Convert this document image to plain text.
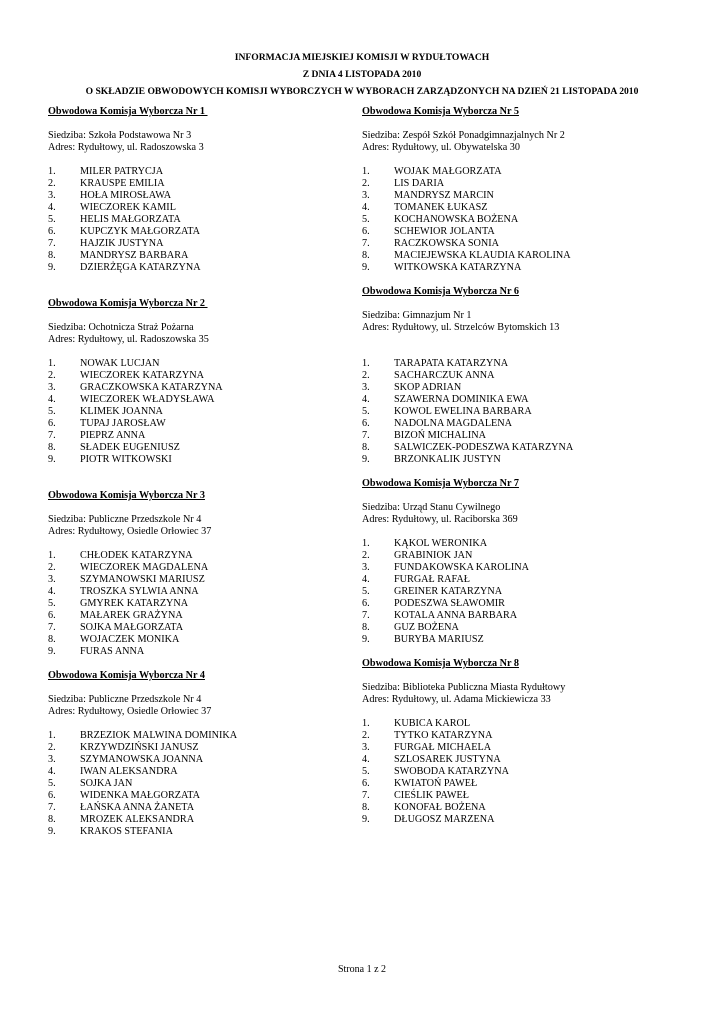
INFORMACJA MIEJSKIEJ KOMISJI W RYDUŁTOWACH
Z DNIA 4 LISTOPADA 2010
O SKŁADZIE OBWODOWYCH KOMISJI WYBORCZYCH W WYBORACH ZARZĄDZONYCH NA DZIEŃ 21 LISTOPADA 2010
Obwodowa Komisja Wyborcza Nr 1
Siedziba: Szkoła Podstawowa Nr 3
Adres: Rydułtowy, ul. Radoszowska 3
1.	MILER PATRYCJA
2.	KRAUSPE EMILIA
3.	HOŁA MIROSŁAWA
4.	WIECZOREK KAMIL
5.	HELIS MAŁGORZATA
6.	KUPCZYK MAŁGORZATA
7.	HAJZIK JUSTYNA
8.	MANDRYSZ BARBARA
9.	DZIERŻĘGA KATARZYNA
Obwodowa Komisja Wyborcza Nr 2
Siedziba: Ochotnicza Straż Pożarna
Adres: Rydułtowy, ul. Radoszowska 35
1.	NOWAK LUCJAN
2.	WIECZOREK KATARZYNA
3.	GRACZKOWSKA KATARZYNA
4.	WIECZOREK WŁADYSŁAWA
5.	KLIMEK JOANNA
6.	TUPAJ JAROSŁAW
7.	PIEPRZ ANNA
8.	SŁADEK EUGENIUSZ
9.	PIOTR WITKOWSKI
Obwodowa Komisja Wyborcza Nr 3
Siedziba: Publiczne Przedszkole Nr 4
Adres: Rydułtowy, Osiedle Orłowiec 37
1.	CHŁODEK KATARZYNA
2.	WIECZOREK MAGDALENA
3.	SZYMANOWSKI MARIUSZ
4.	TROSZKA SYLWIA ANNA
5.	GMYREK KATARZYNA
6.	MAŁAREK GRAŻYNA
7.	SOJKA MAŁGORZATA
8.	WOJACZEK MONIKA
9.	FURAS ANNA
Obwodowa Komisja Wyborcza Nr 4
Siedziba: Publiczne Przedszkole Nr 4
Adres: Rydułtowy, Osiedle Orłowiec 37
1.	BRZEZIOK MALWINA DOMINIKA
2.	KRZYWDZIŃSKI JANUSZ
3.	SZYMANOWSKA JOANNA
4.	IWAN ALEKSANDRA
5.	SOJKA JAN
6.	WIDENKA MAŁGORZATA
7.	ŁAŃSKA ANNA ŻANETA
8.	MROZEK ALEKSANDRA
9.	KRAKOS STEFANIA
Obwodowa Komisja Wyborcza Nr 5
Siedziba: Zespół Szkół Ponadgimnazjalnych Nr 2
Adres: Rydułtowy, ul. Obywatelska 30
1.	WOJAK MAŁGORZATA
2.	LIS DARIA
3.	MANDRYSZ MARCIN
4.	TOMANEK ŁUKASZ
5.	KOCHANOWSKA BOŻENA
6.	SCHEWIOR JOLANTA
7.	RACZKOWSKA SONIA
8.	MACIEJEWSKA KLAUDIA KAROLINA
9.	WITKOWSKA KATARZYNA
Obwodowa Komisja Wyborcza Nr 6
Siedziba: Gimnazjum Nr 1
Adres: Rydułtowy, ul. Strzelców Bytomskich 13
1.	TARAPATA KATARZYNA
2.	SACHARCZUK ANNA
3.	SKOP ADRIAN
4.	SZAWERNA DOMINIKA EWA
5.	KOWOL EWELINA BARBARA
6.	NADOLNA MAGDALENA
7.	BIZOŃ MICHALINA
8.	SALWICZEK-PODESZWA KATARZYNA
9.	BRZONKALIK JUSTYN
Obwodowa Komisja Wyborcza Nr 7
Siedziba: Urząd Stanu Cywilnego
Adres: Rydułtowy, ul. Raciborska 369
1.	KĄKOL WERONIKA
2.	GRABINIOK JAN
3.	FUNDAKOWSKA KAROLINA
4.	FURGAŁ RAFAŁ
5.	GREINER KATARZYNA
6.	PODESZWA SŁAWOMIR
7.	KOTALA ANNA BARBARA
8.	GUZ BOŻENA
9.	BURYBA MARIUSZ
Obwodowa Komisja Wyborcza Nr 8
Siedziba: Biblioteka Publiczna Miasta Rydułtowy
Adres: Rydułtowy, ul. Adama Mickiewicza 33
1.	KUBICA KAROL
2.	TYTKO KATARZYNA
3.	FURGAŁ MICHAELA
4.	SZLOSAREK JUSTYNA
5.	SWOBODA KATARZYNA
6.	KWIATOŃ PAWEŁ
7.	CIEŚLIK PAWEŁ
8.	KONOFAŁ BOŻENA
9.	DŁUGOSZ MARZENA
Strona 1 z 2
